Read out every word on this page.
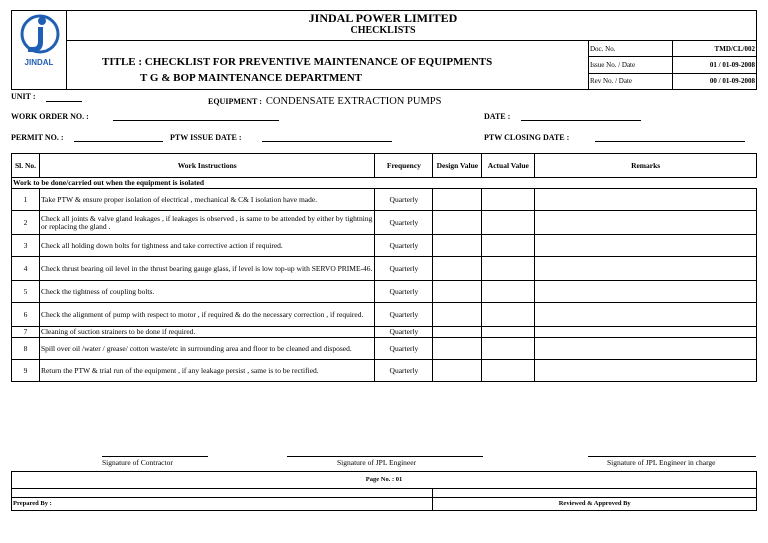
JINDAL
JINDAL POWER LIMITED
CHECKLISTS
TITLE : CHECKLIST FOR PREVENTIVE MAINTENANCE OF EQUIPMENTS
T G & BOP MAINTENANCE DEPARTMENT
Doc. No.	TMD/CL/002
Issue No. / Date	01 / 01-09-2008
Rev No. / Date	00 / 01-09-2008
UNIT :
EQUIPMENT : CONDENSATE EXTRACTION PUMPS
WORK ORDER NO. :	DATE :
PERMIT NO. :	PTW ISSUE DATE :	PTW CLOSING DATE :
Sl. No.	Work Instructions	Frequency	Design Value	Actual Value	Remarks
Work to be done/carried out when the equipment is isolated					
1	Take PTW & ensure proper isolation of electrical , mechanical & C& I isolation have made.	Quarterly			
2	Check all joints & valve gland leakages , if leakages is observed , is same to be attended by either by tightning or replacing the gland .	Quarterly			
3	Check all holding down bolts for tightness and take corrective action if required.	Quarterly			
4	Check thrust bearing oil level in the thrust bearing gauge glass, if level is low top-up with SERVO PRIME-46.	Quarterly			
5	Check the tightness of coupling bolts.	Quarterly			
6	Check the alignment of pump with respect to motor , if required & do the necessary correction , if required.	Quarterly			
7	Cleaning of suction strainers to be done if required.	Quarterly			
8	Spill over oil /water / grease/ cotton waste/etc in surrounding area and floor to be cleaned and disposed.	Quarterly			
9	Return the PTW & trial run of the equipment , if any leakage persist , same is to be rectified.	Quarterly			
Signature of Contractor	Signature of JPL Engineer	Signature of JPL Engineer in charge
Page No. : 01	

Prepared By :	Reviewed & Approved By
